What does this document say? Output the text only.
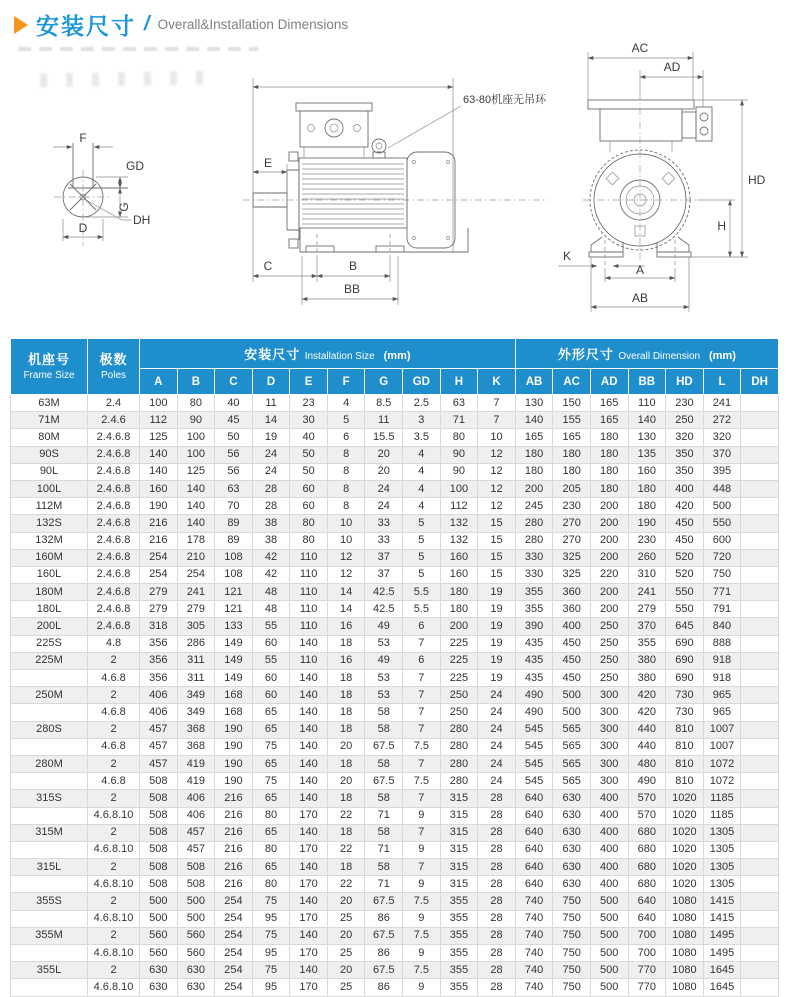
安装尺寸 / Overall&Installation Dimensions
F
GD
G
DH
D
E
C	B
BB
63-80机座无吊环
AC
AD
HD
H
K
A
AB
机座号
Frame Size	极数
Poles	安装尺寸 Installation Size (mm)										外形尺寸 Overall Dimension (mm)						
		A	B	C	D	E	F	G	GD	H	K	AB	AC	AD	BB	HD	L	DH
63M	2.4	100	80	40	11	23	4	8.5	2.5	63	7	130	150	165	110	230	241	
71M	2.4.6	112	90	45	14	30	5	11	3	71	7	140	155	165	140	250	272	
80M	2.4.6.8	125	100	50	19	40	6	15.5	3.5	80	10	165	165	180	130	320	320	
90S	2.4.6.8	140	100	56	24	50	8	20	4	90	12	180	180	180	135	350	370	
90L	2.4.6.8	140	125	56	24	50	8	20	4	90	12	180	180	180	160	350	395	
100L	2.4.6.8	160	140	63	28	60	8	24	4	100	12	200	205	180	180	400	448	
112M	2.4.6.8	190	140	70	28	60	8	24	4	112	12	245	230	200	180	420	500	
132S	2.4.6.8	216	140	89	38	80	10	33	5	132	15	280	270	200	190	450	550	
132M	2.4.6.8	216	178	89	38	80	10	33	5	132	15	280	270	200	230	450	600	
160M	2.4.6.8	254	210	108	42	110	12	37	5	160	15	330	325	200	260	520	720	
160L	2.4.6.8	254	254	108	42	110	12	37	5	160	15	330	325	220	310	520	750	
180M	2.4.6.8	279	241	121	48	110	14	42.5	5.5	180	19	355	360	200	241	550	771	
180L	2.4.6.8	279	279	121	48	110	14	42.5	5.5	180	19	355	360	200	279	550	791	
200L	2.4.6.8	318	305	133	55	110	16	49	6	200	19	390	400	250	370	645	840	
225S	4.8	356	286	149	60	140	18	53	7	225	19	435	450	250	355	690	888	
225M	2	356	311	149	55	110	16	49	6	225	19	435	450	250	380	690	918	
	4.6.8	356	311	149	60	140	18	53	7	225	19	435	450	250	380	690	918	
250M	2	406	349	168	60	140	18	53	7	250	24	490	500	300	420	730	965	
	4.6.8	406	349	168	65	140	18	58	7	250	24	490	500	300	420	730	965	
280S	2	457	368	190	65	140	18	58	7	280	24	545	565	300	440	810	1007	
	4.6.8	457	368	190	75	140	20	67.5	7.5	280	24	545	565	300	440	810	1007	
280M	2	457	419	190	65	140	18	58	7	280	24	545	565	300	480	810	1072	
	4.6.8	508	419	190	75	140	20	67.5	7.5	280	24	545	565	300	490	810	1072	
315S	2	508	406	216	65	140	18	58	7	315	28	640	630	400	570	1020	1185	
	4.6.8.10	508	406	216	80	170	22	71	9	315	28	640	630	400	570	1020	1185	
315M	2	508	457	216	65	140	18	58	7	315	28	640	630	400	680	1020	1305	
	4.6.8.10	508	457	216	80	170	22	71	9	315	28	640	630	400	680	1020	1305	
315L	2	508	508	216	65	140	18	58	7	315	28	640	630	400	680	1020	1305	
	4.6.8.10	508	508	216	80	170	22	71	9	315	28	640	630	400	680	1020	1305	
355S	2	500	500	254	75	140	20	67.5	7.5	355	28	740	750	500	640	1080	1415	
	4.6.8.10	500	500	254	95	170	25	86	9	355	28	740	750	500	640	1080	1415	
355M	2	560	560	254	75	140	20	67.5	7.5	355	28	740	750	500	700	1080	1495	
	4.6.8.10	560	560	254	95	170	25	86	9	355	28	740	750	500	700	1080	1495	
355L	2	630	630	254	75	140	20	67.5	7.5	355	28	740	750	500	770	1080	1645	
	4.6.8.10	630	630	254	95	170	25	86	9	355	28	740	750	500	770	1080	1645	
